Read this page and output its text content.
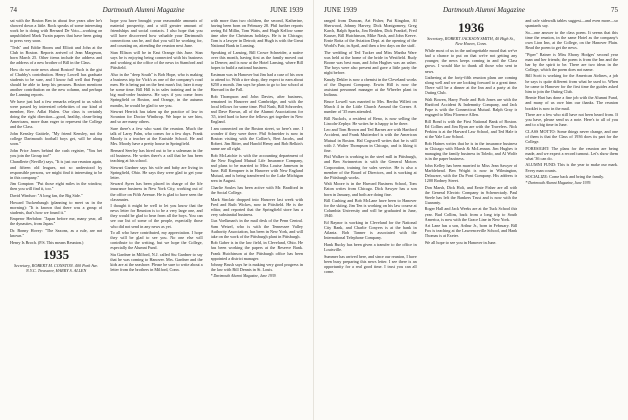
74	Dartmouth Alumni Magazine	JUNE 1939

sat with the Boston Ben in about five years after he's showed down a little. Rock speaks of some interesting work he is doing with Bernard De Voto—working on unpublished Mark Twain papers that have been going to press very soon.

"Teds" and Eddie Boons and Elliott and John at the Club in Boston. Reports arrived of Jean Margeson, born March 25. Other items include the address and the address of a new brother of Bill in the Class.

How do we note news about Boston? Such is the gist of Chubby's contribution. Henry Lowell has graduate students to be sure, and I know full well that Fergie should be able to keep his pecunes. Boston mentions another contribution on the new column, and perhaps the Lanning reports.

We have just had a few remarks relayed to us which were passed by interested celebrities of our kind of member, Rev. Adlai Hulen. Our class is certainly doing the right direction—good, healthy, clean-living Americans, more than eager to represent the College and the Class.

John Kensley Gaitiele, "My friend Kensley, not the college Dartmouth football boys get, will be along soon."

John Price Jones behind the cash register, "You bet you join the Group too!"

Chandlerie (Neville) says, "It is just our reunion again, and fifteen old leagues, not so understood by responsible persons, we might find it interesting to be in this company."

Jim Compton: "Put those eight miles in the window, then you will find it, too."

David Windsor: "A long fan, the Big Side."

Howard Tuckenbaugh (planning to meet us in the morning): "It is known that there was a group of students, that's how we found it."

Emperor Herbdon: "Japan before me, many year, all the dynasties, from Japan."

Dr. Bonny Hovey: "The Saxons, as a rule, are not known."

Henry Is Broch. (P.S. This means Reunion.)

1935
Secretary, ROBERT M. CONSTON. 400 Park Ave. N.Y.C. Treasurer, HARRY S. ALLEN

hope you have brought your reasonable amounts of material prosperity, and a still greater amount of friendships and social contacts. I also hope that you will have discovered how valuable your Dartmouth connections can be, and that you will be working for, and counting on, attending the reunion next June.

Stan Ellison will be in East Orange this June. Stan says he is enjoying being connected with his business and working at the office of the news in Stamford and Pittsfield.

Also in the "deep South" is Bob Hope, who is making a business trip for Vick's as one of the company's road men. He is being put on the best man's list; later it may be some time. Bill Hill is in sales training and in the big mail-order business. He says if you come from Springfield or Boston, and Orange, in the autumn months, he would be glad to see you.

Stewart Herrick has taken up the practice of law in Scranton for Doctor Winthrop. We hope to see him, and so are many others.

Sure there's a few who want the reunion. Much the talk of Larry Palm, who comes for a few days. Frank Moody is a teacher at the Eastside School. He and Mrs. Moody have a pretty house in Springfield.

Bernard Seerley has hired out to be a salesman in the oil business. He writes there's a call that he has been teaching at his school.

Stewart Gardner says his wife and baby are living in Springfield, Ohio. He says they were glad to get your letter.

Seward Ayres has been placed in charge of the life insurance business in New York City, working out of the office on Fifth Avenue. He is glad to have seen the classmates.

I thought it might be well to let you know that the news letter for Reunion is to be a very large one, and they would be glad to hear from all the boys. You can see our list of some of the people, especially those who did not send in any news as yet.

To all who have contributed, my appreciation. I hope they will be glad to see you. No one else will contribute to the writing, but we hope the College, especially the Alumni Fund.

Stu Gardner in Milford, N.J. called Stu Gardner to say that he was coming to Hanover. Mrs. Gardner and the kids are at the seashore. Please be sure to write about a letter from the brothers in Milford, Conn.

with more than two children, the second, Katherine, having been born on February 28. Phil further reports seeing Ed Millin, Tom Watts, and Hugh Kellow some time after the Christmas holidays. He is in Chicago; Tom is a lawyer in Detroit; and Hugh is with the Great National Bank in Lansing.

Speaking of Lansing, Bill Crowe Schneider, a native over this month, having first as the family moved out to Denver, and is now at the Hotel Lansing, where Bill hopes to build a national business.

Eastman was in Hanover but Jim had a case of his own to attend to. With a tire shop, they expect to earn about $250 a month. Jim says he plans to go to law school at Harvard in the Fall.

Bob Thompson and John Davies, after business, remained in Hanover and Cambridge, and with the local fellows for some time. Phil Nash, Bill Schroeder, and Dave Brown, all of the Alumni Associations for '35, tried hard to have the fellows get together in New England.

I am connected on the Boston street, so here's one. I wonder if they were there. Phil Schneider is now in Boston visiting with the Collier's, Bert Jacobs, and Robert. Jim Bitter, and Harold Henry and Bob Belkin's name are all right.

Bob McLatchie is with the accounting department of the New England Mutual Life Insurance Company, and plans to be married to Miss Louise Jameson in June. Bill Kempner is in Hanover with New England Mutual, and is being transferred to the Lake Michigan area in August.

Charlie Soules has been active with Mr. Bradford in the Social College.

Mark Sinclair dropped into Hanover last week with Fred and Ruth Wickes, now in Pittsfield. He is the editor, and reported that the Springfield store has a very substantial business.

Gus Voelkman's in the mail desk of the Penn Central. Sam Wetzel, who is with the Tennessee Valley Authority Association, has been in New York, and will take on the work of the Pittsburgh plant in Pittsburgh.

Bob Gaber is in the law field, in Cleveland, Ohio. He has been working the papers at the Reserve Bank. Frank Hutchinson at the Pittsburgh office has been appointed a district manager.

Johnny Brush says he is making very good progress in the law with Bill Dennis in St. Louis.

* Dartmouth Alumni Magazine, June 1939.
JUNE 1939	Dartmouth Alumni Magazine	75

ranged from Duncan, Art Fisher, Pat Kingdon, Al Sherwood, Johnny Harvey, Dick Montgomery, Greg Karch, Ralph Sparks, Jim Redden, Dick Frankel, Fred Kauser, Bill Hutchinson, Mike Nash, and John Keeve. Ernie Rotta of the Aviation Dept. at the opening of the World's Fair, in April, and then a few days on the staff.

The wedding of Ted Tucker and Miss Martha Ware was held at the home of the bride in Westfield. Rudy Boone was best man, and John Hughes was an usher. The boys were also present and gave a little party the night before.

Knudy Dekler is now a chemist in the Cleveland works of the Dupont Company. Erwin Hill is now the assistant personnel manager at the Wheeler plant in Indiana.

Bruce Lowell was married to Mrs. Bertha Willett on March 4 in the Little Church Around the Corner. A number of '35 men attended.

Bill Nuckols, a resident of Reno, is now selling the Lincoln-Zephyr. He writes he is happy to be there.

Leo and Tom Brown and Ted Barnes are with Hartford Accident, and Frank Mutterdorf is with the American Mutual in Boston. Hal Cogswell writes that he is still with J. Walter Thompson in Chicago, and is liking it fine.

Phil Walker is working in the steel mill in Pittsburgh, and Ben Swinnerton is with the General Motors Corporation, training for sales service. He is also a member of the Board of Directors, and is working at the Pittsburgh works.

Walt Moore is in the Harvard Business School, Tom Eaton writes from Chicago. Dick Sawyer has a son born in January, and both are doing fine.

Bill Cushing and Bob McLane have been to Hanover for the skiing. Jim Ten is working on his law course at Columbia University and will be graduated in June, 1940.

Ed Raynor is working in Cleveland for the National City Bank, and Charlie Conyers is at the bank in Atlanta. Bob Tanner is associated with the International Telephone Company.

Hank Bucky has been given a transfer to the office in Louisville.

Summer has arrived here, and since our reunion, I have been busy preparing this news letter. I see there is an opportunity for a real good time. I trust you can all come.

1936
Secretary, ROBERT JACKSON SMITH, 40 High St., New Haven, Conn.

While most of us in the unforgettable mood that we've had a chance to put on that we're not getting any younger, the news keeps coming in and the Class grows. I would like to thank all those who sent in news.

Gathering at the forty-fifth reunion plans are coming along well and we are looking forward to a great time. There will be a dinner at the Inn and a party at the Outing Club.

Walt Bowen, Harry Poole and Bob Jones are with the Hartford Accident & Indemnity Company, and Jack Pope is with the Connecticut Mutual. Ralph Gray is engaged to Miss Florence Allen.

Bill Bond is with the First National Bank of Boston. Ed Collins and Jim Ryan are with the Travelers. Nick Perkins is at the Harvard Law School, and Ted Hale is at the Yale Law School.

Bob Haines writes that he is in the insurance business in Chicago with Marsh & McLennan. Jim Hughes is managing the family business in Toledo, and Al Wolfe is in the paper business.

John Kelley has been married to Miss Jean Sawyer of Marblehead. Ben Wright is now in Wilmington, Delaware, with the Du Pont Company. His address is 1200 Rodney Street.

Don Marsh, Dick Holt, and Ernie Fisher are all with the General Electric Company in Schenectady. Paul Steele has left the Bankers Trust and is now with the Guaranty.

Roger Hall and Jack Weeks are at the Tuck School this year. Bud Collins, back from a long trip to South America, is now with the Grace Line in New York.

Art Lane has a son, Arthur Jr., born in February. Bill Fox is teaching at the Lawrenceville School, and Hank Thomas is at Exeter.

We all hope to see you in Hanover in June.

and cafe sidewalk tables suggest—and even more—so spaniards say.

So—one answer to the class poem. It seems that this time the reunion, in the same Hotel as the company's own Lion Inn, at the College, on the Hanover Plain. Read the poem to get the news.

"Piper" Rainer is Miss Ebony Hodges' second year man and her friends; the poem is from the Inn and the bar by the spirit to be. There are two ideas in the College, which the poem does not name.

Bill Scott is working for the American Airlines, a job he says is quite different from what he used to. When he came to Hanover for the first time the guides asked him to join the Outing Club.

Bernie Hart has done a fine job with the Alumni Fund, and many of us owe him our thanks. The reunion booklet is now in the mail.

There are a few who still have not been heard from. If you have, please send us a note. Here's to all of you and to a big time in June.

CLASS MOTTO: Some things never change, and one of them is that the Class of 1936 does its part for the College.

FORESIGHT: The plans for the reunion are being made, and we expect a record turnout. Let's show them what '36 can do.

ALUMNI FUND: This is the year to make our mark. Every man counts.

SOCIALIZE: Come back and bring the family.

* Dartmouth Alumni Magazine, June 1939.
